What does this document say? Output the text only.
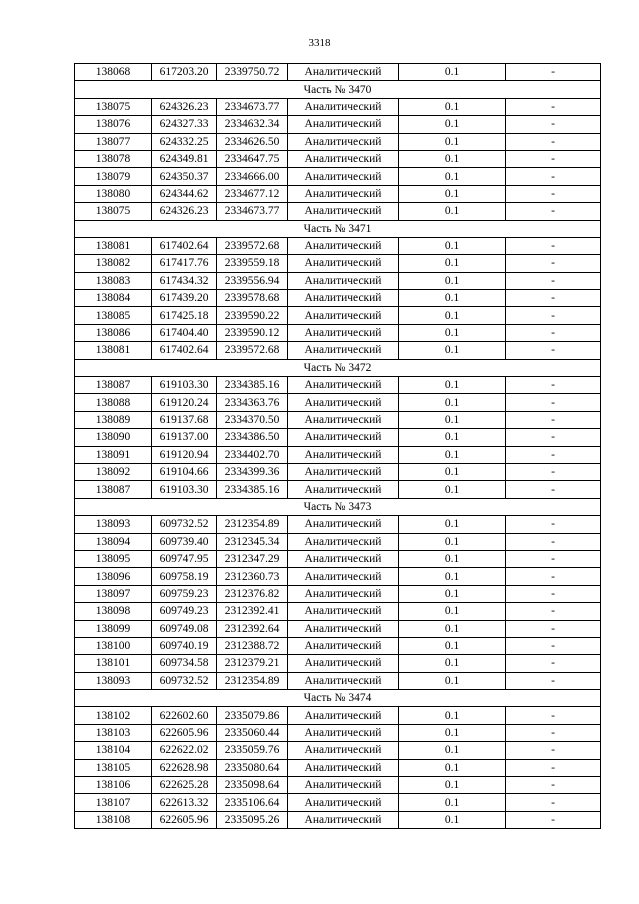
3318
138068	617203.20	2339750.72	Аналитический	0.1	-
Часть № 3470					
138075	624326.23	2334673.77	Аналитический	0.1	-
138076	624327.33	2334632.34	Аналитический	0.1	-
138077	624332.25	2334626.50	Аналитический	0.1	-
138078	624349.81	2334647.75	Аналитический	0.1	-
138079	624350.37	2334666.00	Аналитический	0.1	-
138080	624344.62	2334677.12	Аналитический	0.1	-
138075	624326.23	2334673.77	Аналитический	0.1	-
Часть № 3471					
138081	617402.64	2339572.68	Аналитический	0.1	-
138082	617417.76	2339559.18	Аналитический	0.1	-
138083	617434.32	2339556.94	Аналитический	0.1	-
138084	617439.20	2339578.68	Аналитический	0.1	-
138085	617425.18	2339590.22	Аналитический	0.1	-
138086	617404.40	2339590.12	Аналитический	0.1	-
138081	617402.64	2339572.68	Аналитический	0.1	-
Часть № 3472					
138087	619103.30	2334385.16	Аналитический	0.1	-
138088	619120.24	2334363.76	Аналитический	0.1	-
138089	619137.68	2334370.50	Аналитический	0.1	-
138090	619137.00	2334386.50	Аналитический	0.1	-
138091	619120.94	2334402.70	Аналитический	0.1	-
138092	619104.66	2334399.36	Аналитический	0.1	-
138087	619103.30	2334385.16	Аналитический	0.1	-
Часть № 3473					
138093	609732.52	2312354.89	Аналитический	0.1	-
138094	609739.40	2312345.34	Аналитический	0.1	-
138095	609747.95	2312347.29	Аналитический	0.1	-
138096	609758.19	2312360.73	Аналитический	0.1	-
138097	609759.23	2312376.82	Аналитический	0.1	-
138098	609749.23	2312392.41	Аналитический	0.1	-
138099	609749.08	2312392.64	Аналитический	0.1	-
138100	609740.19	2312388.72	Аналитический	0.1	-
138101	609734.58	2312379.21	Аналитический	0.1	-
138093	609732.52	2312354.89	Аналитический	0.1	-
Часть № 3474					
138102	622602.60	2335079.86	Аналитический	0.1	-
138103	622605.96	2335060.44	Аналитический	0.1	-
138104	622622.02	2335059.76	Аналитический	0.1	-
138105	622628.98	2335080.64	Аналитический	0.1	-
138106	622625.28	2335098.64	Аналитический	0.1	-
138107	622613.32	2335106.64	Аналитический	0.1	-
138108	622605.96	2335095.26	Аналитический	0.1	-
